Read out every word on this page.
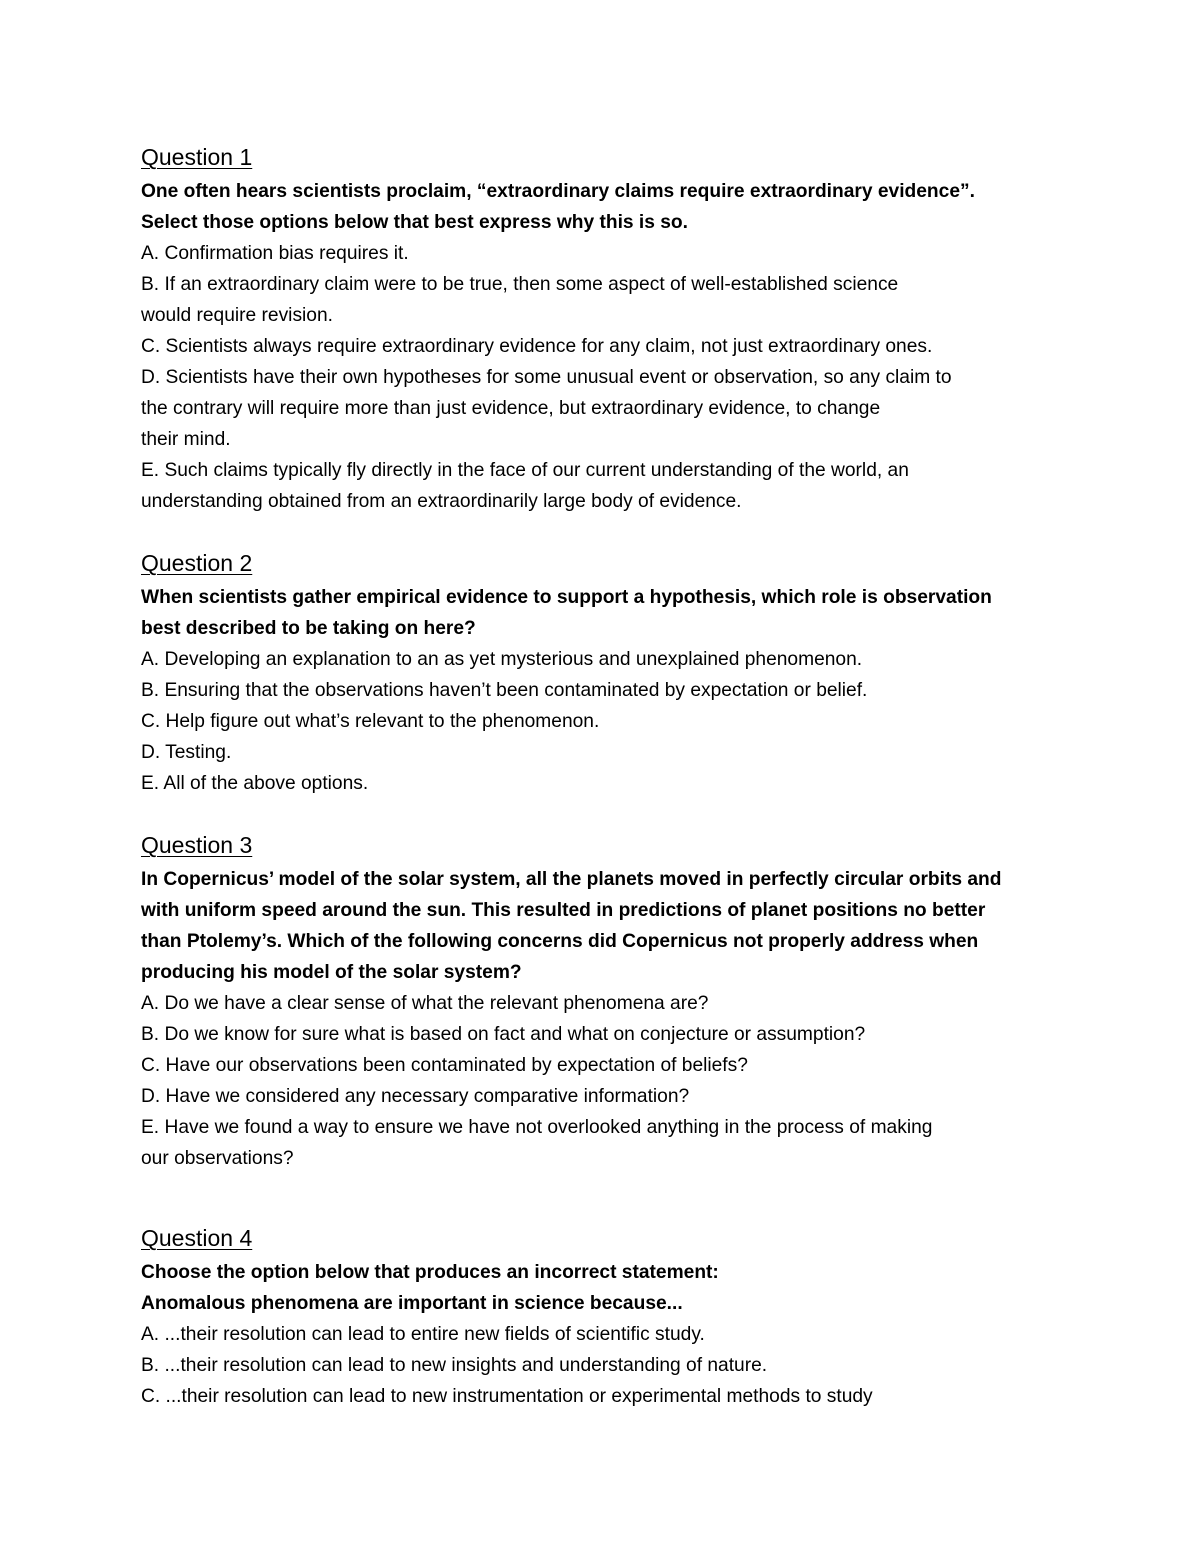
Question 1
One often hears scientists proclaim, “extraordinary claims require extraordinary evidence”.
Select those options below that best express why this is so.
A. Confirmation bias requires it.
B. If an extraordinary claim were to be true, then some aspect of well-established science
would require revision.
C. Scientists always require extraordinary evidence for any claim, not just extraordinary ones.
D. Scientists have their own hypotheses for some unusual event or observation, so any claim to
the contrary will require more than just evidence, but extraordinary evidence, to change
their mind.
E. Such claims typically fly directly in the face of our current understanding of the world, an
understanding obtained from an extraordinarily large body of evidence.
Question 2
When scientists gather empirical evidence to support a hypothesis, which role is observation
best described to be taking on here?
A. Developing an explanation to an as yet mysterious and unexplained phenomenon.
B. Ensuring that the observations haven’t been contaminated by expectation or belief.
C. Help figure out what’s relevant to the phenomenon.
D. Testing.
E. All of the above options.
Question 3
In Copernicus’ model of the solar system, all the planets moved in perfectly circular orbits and
with uniform speed around the sun. This resulted in predictions of planet positions no better
than Ptolemy’s. Which of the following concerns did Copernicus not properly address when
producing his model of the solar system?
A. Do we have a clear sense of what the relevant phenomena are?
B. Do we know for sure what is based on fact and what on conjecture or assumption?
C. Have our observations been contaminated by expectation of beliefs?
D. Have we considered any necessary comparative information?
E. Have we found a way to ensure we have not overlooked anything in the process of making
our observations?
Question 4
Choose the option below that produces an incorrect statement:
Anomalous phenomena are important in science because...
A. ...their resolution can lead to entire new fields of scientific study.
B. ...their resolution can lead to new insights and understanding of nature.
C. ...their resolution can lead to new instrumentation or experimental methods to study
